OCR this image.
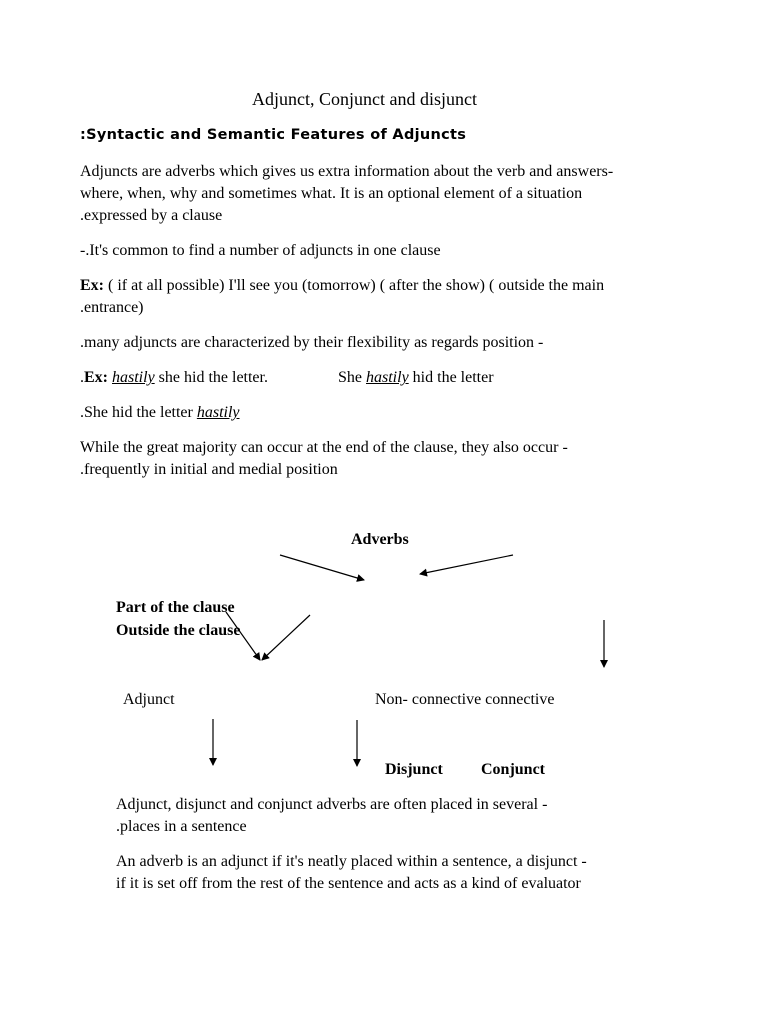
Adjunct, Conjunct and disjunct
:Syntactic and Semantic Features of Adjuncts
Adjuncts are adverbs which gives us extra information about the verb and answers-
where, when, why and sometimes what. It is an optional element of a situation
.expressed by a clause
-.It's common to find a number of adjuncts in one clause
Ex: ( if at all possible) I'll see you (tomorrow) ( after the show) ( outside the main
.entrance)
.many adjuncts are characterized by their flexibility as regards position -
.Ex: hastily she hid the letter.	She hastily hid the letter
.She hid the letter hastily
While the great majority can occur at the end of the clause, they also occur -
.frequently in initial and medial position
Adverbs
Part of the clause
Outside the clause
Adjunct	Non- connective connective
Disjunct Conjunct
Adjunct, disjunct and conjunct adverbs are often placed in several -
.places in a sentence
An adverb is an adjunct if it's neatly placed within a sentence, a disjunct -
if it is set off from the rest of the sentence and acts as a kind of evaluator
